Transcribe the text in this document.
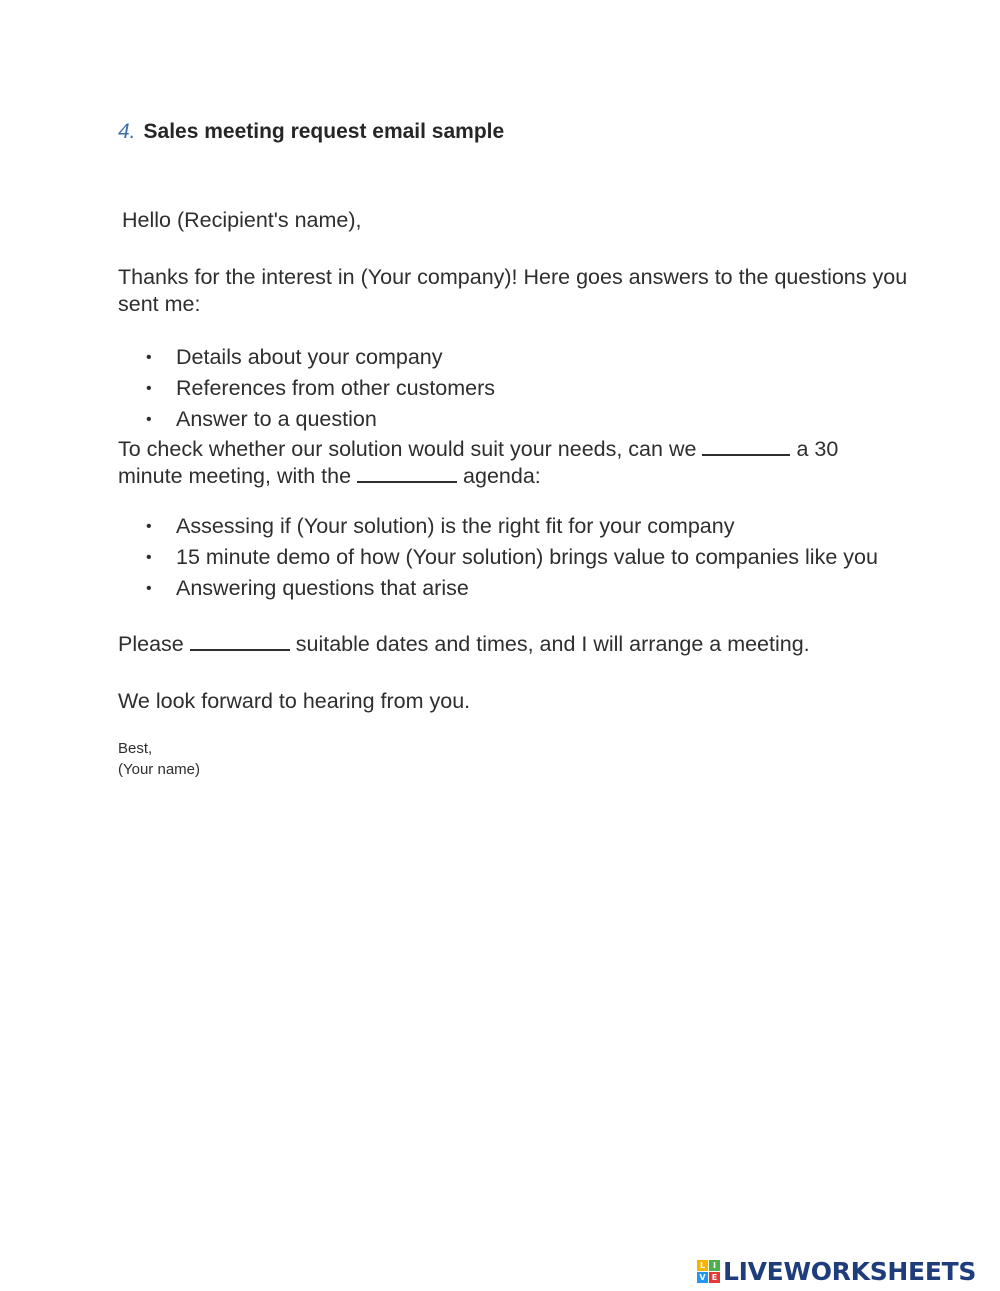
4. Sales meeting request email sample
Hello (Recipient's name),
Thanks for the interest in (Your company)! Here goes answers to the questions you sent me:
• Details about your company
• References from other customers
• Answer to a question
To check whether our solution would suit your needs, can we	a 30 minute meeting, with the	agenda:
• Assessing if (Your solution) is the right fit for your company
• 15 minute demo of how (Your solution) brings value to companies like you
• Answering questions that arise
Please	suitable dates and times, and I will arrange a meeting.
We look forward to hearing from you.
Best,
(Your name)
L I
V E LIVEWORKSHEETS
